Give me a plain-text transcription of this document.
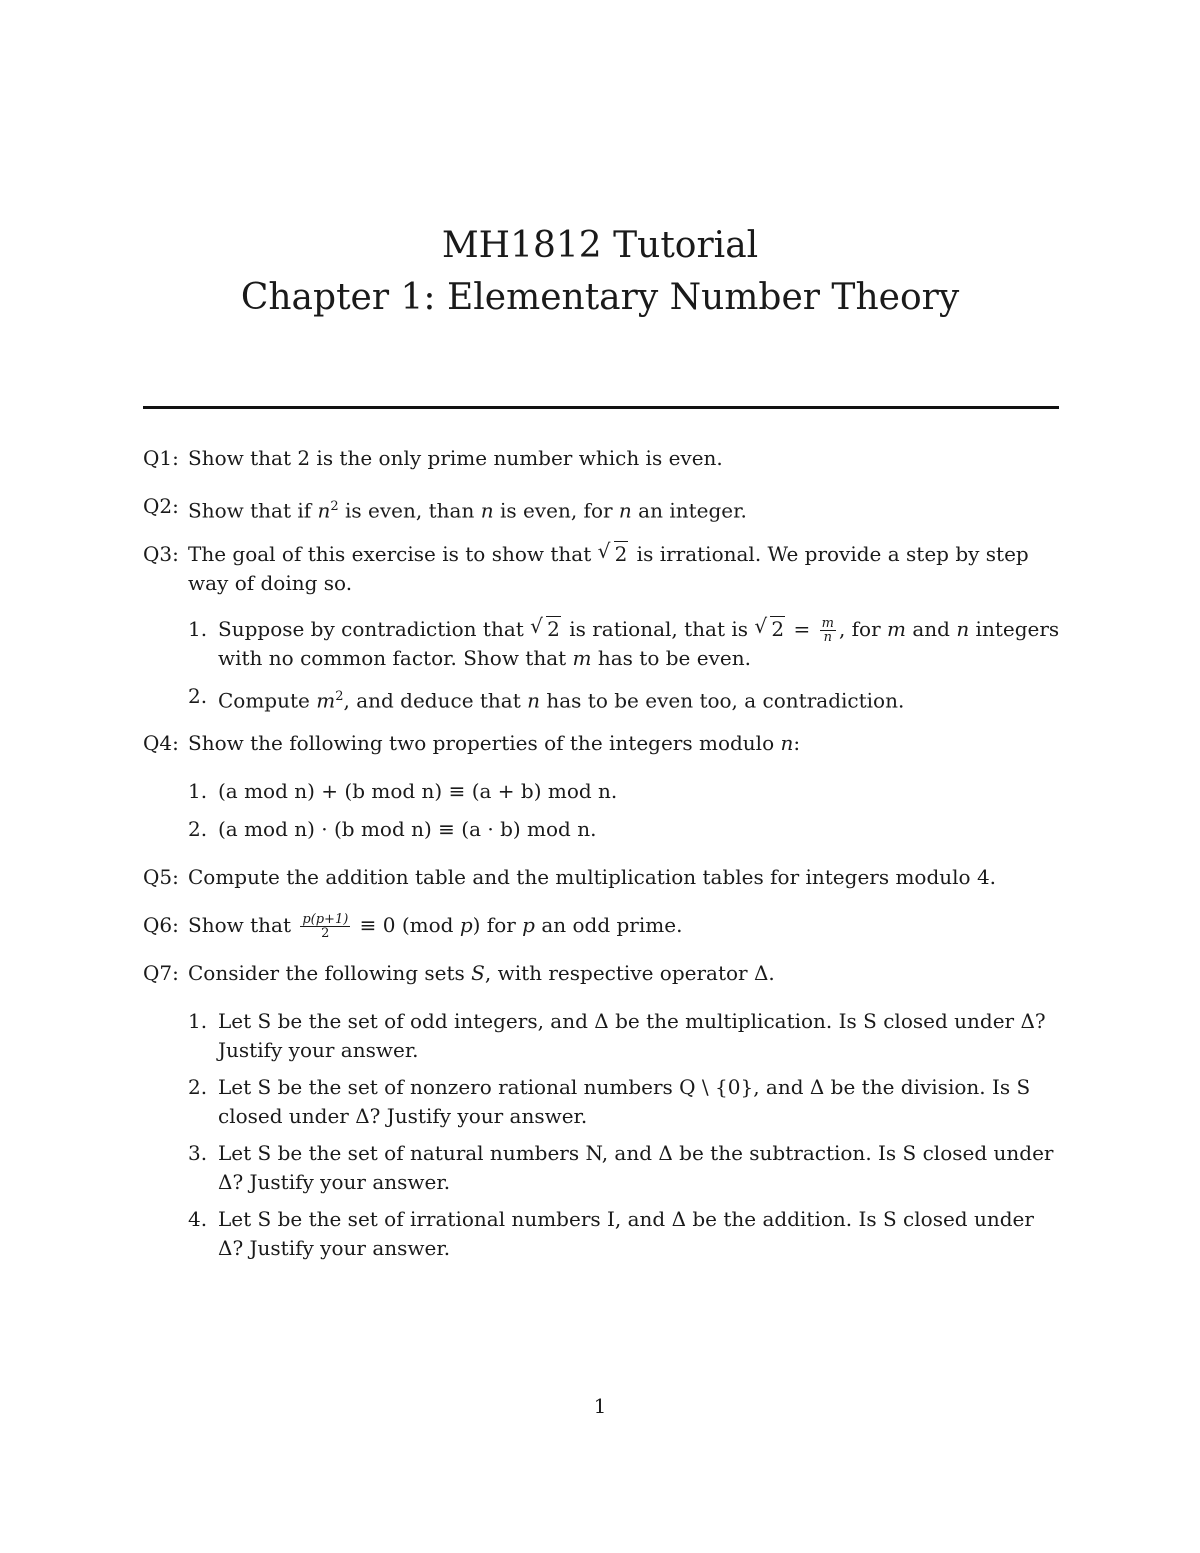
MH1812 Tutorial
Chapter 1: Elementary Number Theory
Q1: Show that 2 is the only prime number which is even.
Q2: Show that if $n^2$ is even, than n is even, for n an integer.
Q3: The goal of this exercise is to show that √ 2 is irrational. We provide a step by step way of doing so.
1. Suppose by contradiction that √ 2 is rational, that is √ $2 = \frac{m}{n}$ , for m and n integers with no common factor. Show that m has to be even.
2. Compute $m^2$, and deduce that n has to be even too, a contradiction.
Q4: Show the following two properties of the integers modulo n:
1. (a mod n) + (b mod n) ≡ (a + b) mod n.
2. (a mod n) · (b mod n) ≡ (a · b) mod n.
Q5: Compute the addition table and the multiplication tables for integers modulo 4.
Q6: Show that $\frac{p(p+1)}{2} \equiv 0$ (mod p) for p an odd prime.
Q7: Consider the following sets S, with respective operator Δ.
1. Let S be the set of odd integers, and Δ be the multiplication. Is S closed under Δ? Justify your answer.
2. Let S be the set of nonzero rational numbers Q \ {0}, and Δ be the division. Is S closed under Δ? Justify your answer.
3. Let S be the set of natural numbers N, and Δ be the subtraction. Is S closed under Δ? Justify your answer.
4. Let S be the set of irrational numbers I, and Δ be the addition. Is S closed under Δ? Justify your answer.
1
